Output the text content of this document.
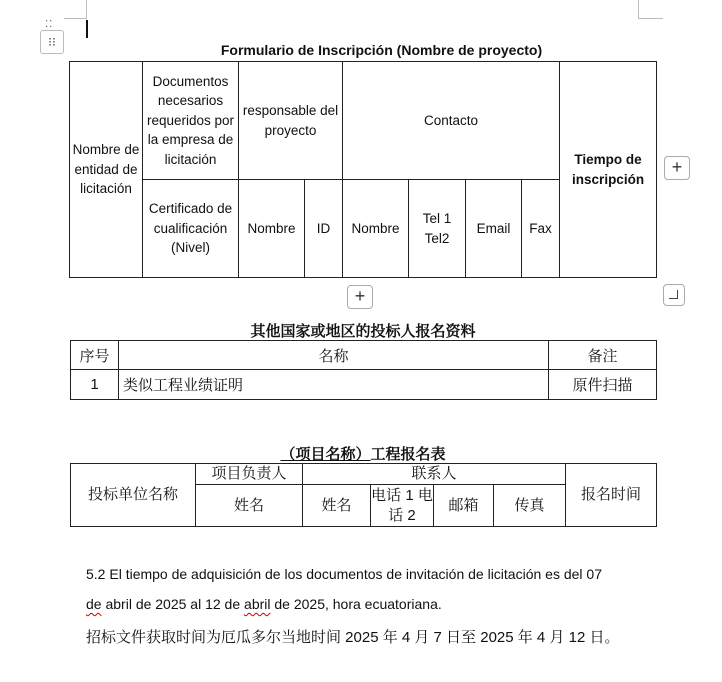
⁚⁚
⁝⁝	Formulario de Inscripción (Nombre de proyecto)
Nombre de entidad de licitación	Documentos necesarios requeridos por la empresa de licitación	responsable del proyecto		Contacto				Tiempo de inscripción
	Certificado de cualificación (Nivel)	Nombre	ID	Nombre	Tel 1 Tel2	Email	Fax	
+
+
其他国家或地区的投标人报名资料
序号	名称	备注
1	类似工程业绩证明	原件扫描
（项目名称）工程报名表
投标单位名称	项目负责人	联系人				报名时间
	姓名	姓名	电话 1 电话 2	邮箱	传真	
5.2 El tiempo de adquisición de los documentos de invitación de licitación es del 07
de abril de 2025 al 12 de abril de 2025, hora ecuatoriana.
招标文件获取时间为厄瓜多尔当地时间 2025 年 4 月 7 日至 2025 年 4 月 12 日。
